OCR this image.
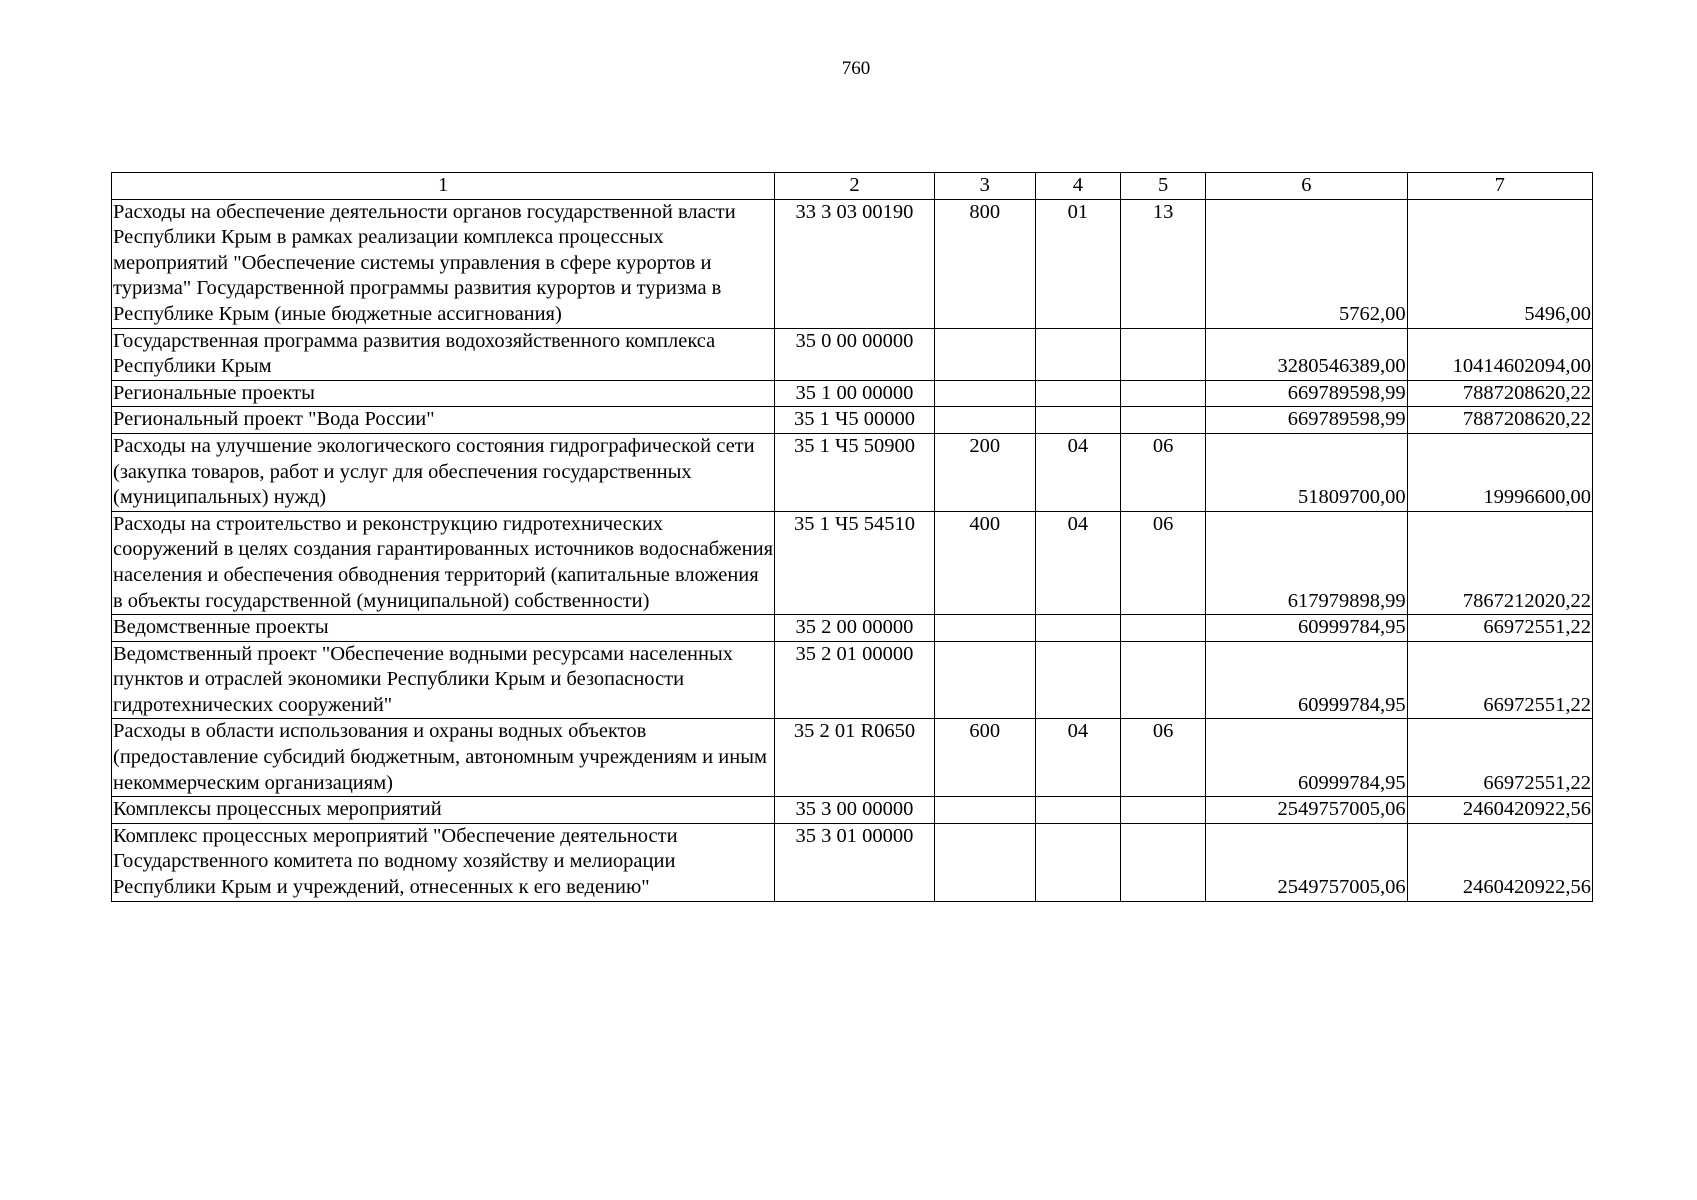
760
1	2	3	4	5	6	7
Расходы на обеспечение деятельности органов государственной власти Республики Крым в рамках реализации комплекса процессных мероприятий "Обеспечение системы управления в сфере курортов и туризма" Государственной программы развития курортов и туризма в Республике Крым (иные бюджетные ассигнования)	33 3 03 00190	800	01	13	5762,00	5496,00
Государственная программа развития водохозяйственного комплекса Республики Крым	35 0 00 00000				3280546389,00	10414602094,00
Региональные проекты	35 1 00 00000				669789598,99	7887208620,22
Региональный проект "Вода России"	35 1 Ч5 00000				669789598,99	7887208620,22
Расходы на улучшение экологического состояния гидрографической сети (закупка товаров, работ и услуг для обеспечения государственных (муниципальных) нужд)	35 1 Ч5 50900	200	04	06	51809700,00	19996600,00
Расходы на строительство и реконструкцию гидротехнических сооружений в целях создания гарантированных источников водоснабжения населения и обеспечения обводнения территорий (капитальные вложения в объекты государственной (муниципальной) собственности)	35 1 Ч5 54510	400	04	06	617979898,99	7867212020,22
Ведомственные проекты	35 2 00 00000				60999784,95	66972551,22
Ведомственный проект "Обеспечение водными ресурсами населенных пунктов и отраслей экономики Республики Крым и безопасности гидротехнических сооружений"	35 2 01 00000				60999784,95	66972551,22
Расходы в области использования и охраны водных объектов (предоставление субсидий бюджетным, автономным учреждениям и иным некоммерческим организациям)	35 2 01 R0650	600	04	06	60999784,95	66972551,22
Комплексы процессных мероприятий	35 3 00 00000				2549757005,06	2460420922,56
Комплекс процессных мероприятий "Обеспечение деятельности Государственного комитета по водному хозяйству и мелиорации Республики Крым и учреждений, отнесенных к его ведению"	35 3 01 00000				2549757005,06	2460420922,56
